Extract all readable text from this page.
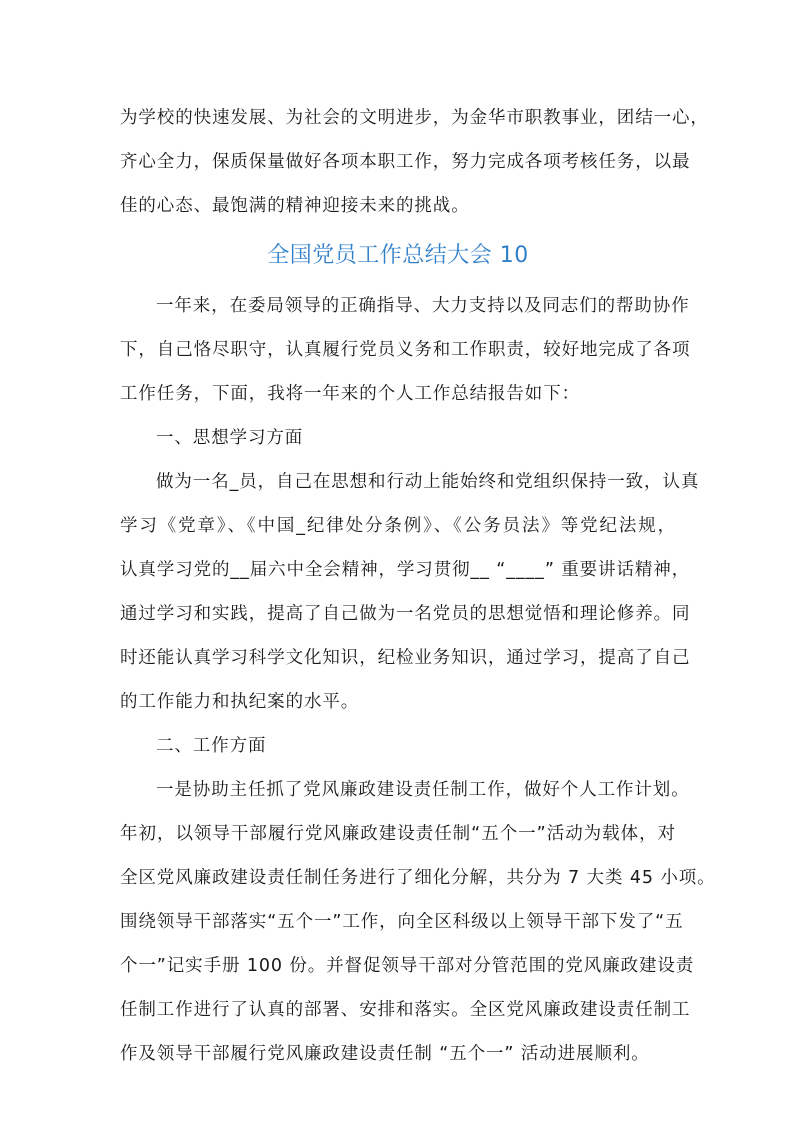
为学校的快速发展、为社会的文明进步，为金华市职教事业，团结一心，
齐心全力，保质保量做好各项本职工作，努力完成各项考核任务，以最
佳的心态、最饱满的精神迎接未来的挑战。
全国党员工作总结大会 10
一年来，在委局领导的正确指导、大力支持以及同志们的帮助协作
下，自己恪尽职守，认真履行党员义务和工作职责，较好地完成了各项
工作任务，下面，我将一年来的个人工作总结报告如下：
一、思想学习方面
做为一名_员，自己在思想和行动上能始终和党组织保持一致，认真
学习《党章》、《中国_纪律处分条例》、《公务员法》等党纪法规，
认真学习党的__届六中全会精神，学习贯彻__ “____” 重要讲话精神，
通过学习和实践，提高了自己做为一名党员的思想觉悟和理论修养。同
时还能认真学习科学文化知识，纪检业务知识，通过学习，提高了自己
的工作能力和执纪案的水平。
二、工作方面
一是协助主任抓了党风廉政建设责任制工作，做好个人工作计划。
年初，以领导干部履行党风廉政建设责任制“五个一”活动为载体，对
全区党风廉政建设责任制任务进行了细化分解，共分为 7 大类 45 小项。
围绕领导干部落实“五个一”工作，向全区科级以上领导干部下发了“五
个一”记实手册 100 份。并督促领导干部对分管范围的党风廉政建设责
任制工作进行了认真的部署、安排和落实。全区党风廉政建设责任制工
作及领导干部履行党风廉政建设责任制 “五个一” 活动进展顺利。
